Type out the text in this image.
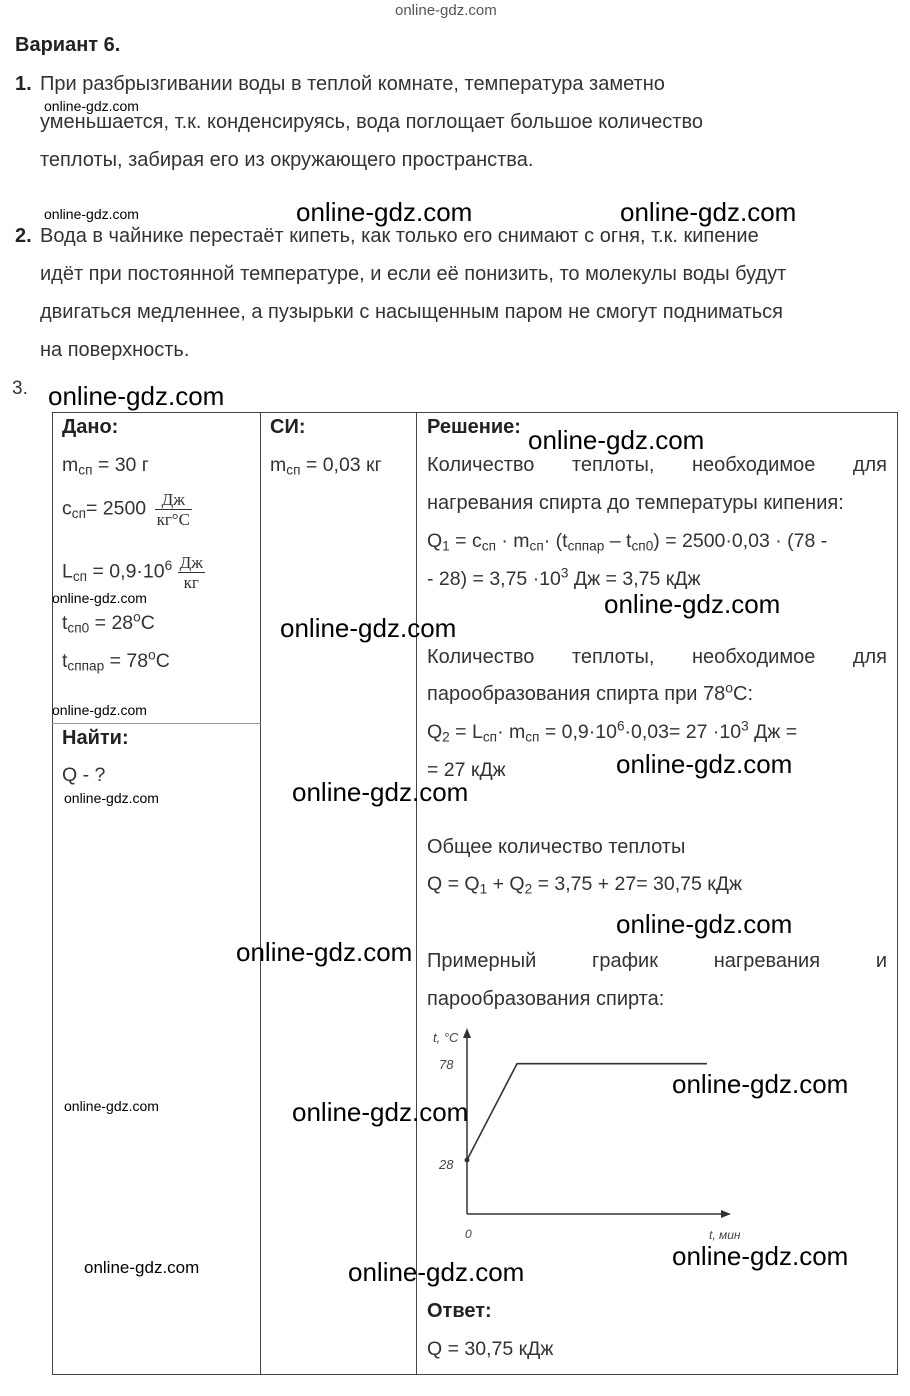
online-gdz.com
Вариант 6.
1. При разбрызгивании воды в теплой комнате, температура заметно
уменьшается, т.к. конденсируясь, вода поглощает большое количество
теплоты, забирая его из окружающего пространства.
2. Вода в чайнике перестаёт кипеть, как только его снимают с огня, т.к. кипение
идёт при постоянной температуре, и если её понизить, то молекулы воды будут
двигаться медленнее, а пузырьки с насыщенным паром не смогут подниматься
на поверхность.
3.
Дано:
$m_{сп} = 30$ г
$c_{сп}= 2500 \frac{Дж}{кг^\circ С}$
$L_{сп} = 0,9\cdot 10^6 \frac{Дж}{кг}$
$t_{сп0} = 28^oC$
$t_{сппар} = 78^oC$
Найти:
Q - ?
СИ:
$m_{сп} = 0,03$ кг
Решение:
Количество теплоты, необходимое для
нагревания спирта до температуры кипения:
$Q_1 = c_{сп} \cdot m_{сп}\cdot (t_{сппар} - t_{сп0}) = 2500\cdot 0,03 \cdot (78$ -
- $28) = 3,75 \cdot 10^3$ Дж = 3,75 кДж
Количество теплоты, необходимое для
парообразования спирта при $78^оС$:
$Q_2 = L_{сп}\cdot m_{сп} = 0,9\cdot 10^6\cdot 0,03= 27 \cdot 10^3$ Дж =
= 27 кДж
Общее количество теплоты
$Q = Q_1 + Q_2 = 3,75 + 27= 30,75$ кДж
Примерный	график	нагревания	и
парообразования спирта:
t, °C
t, мин
0
78
28
Ответ:
Q = 30,75 кДж
online-gdz.com	online-gdz.com
online-gdz.com
online-gdz.com
online-gdz.com
online-gdz.com
online-gdz.com
online-gdz.com
online-gdz.com
online-gdz.com
online-gdz.com
online-gdz.com
online-gdz.com
online-gdz.com
online-gdz.com
online-gdz.com
online-gdz.com
online-gdz.com
online-gdz.com
online-gdz.com
online-gdz.com
